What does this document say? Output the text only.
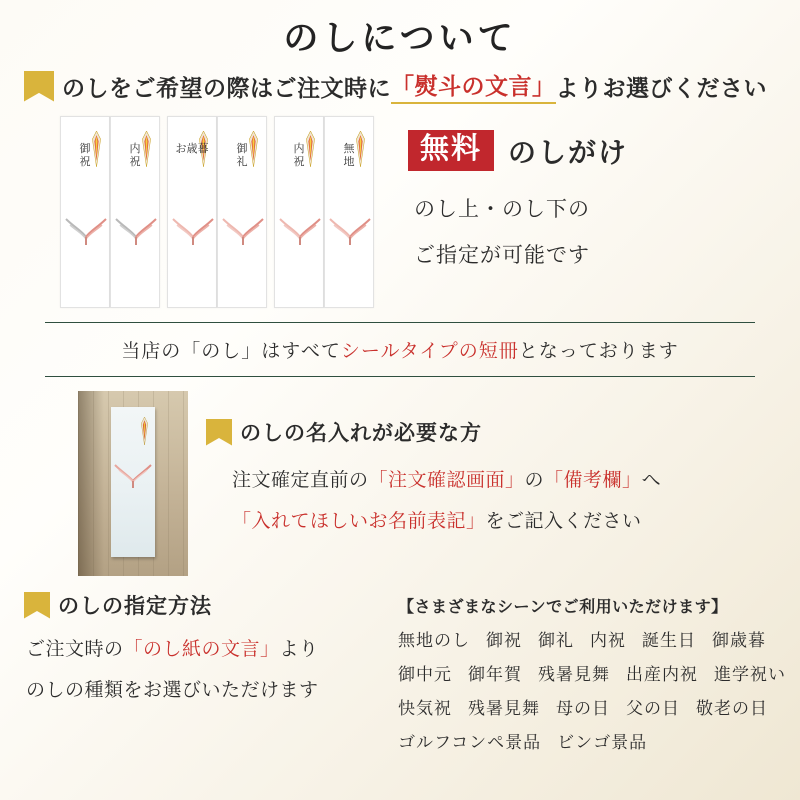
のしについて
のしをご希望の際はご注文時に 「熨斗の文言」 よりお選びください
御
祝
内
祝
お歳暮	御
礼
内
祝
無
地	無料 のしがけ
のし上・のし下の
ご指定が可能です
当店の「のし」はすべてシールタイプの短冊となっております
のしの名入れが必要な方
注文確定直前の「注文確認画面」の「備考欄」へ
「入れてほしいお名前表記」をご記入ください
のしの指定方法
ご注文時の「のし紙の文言」より
のしの種類をお選びいただけます
【さまざまなシーンでご利用いただけます】
無地のし 御祝 御礼 内祝 誕生日 御歳暮
御中元 御年賀 残暑見舞 出産内祝 進学祝い
快気祝 残暑見舞 母の日 父の日 敬老の日
ゴルフコンペ景品 ビンゴ景品
